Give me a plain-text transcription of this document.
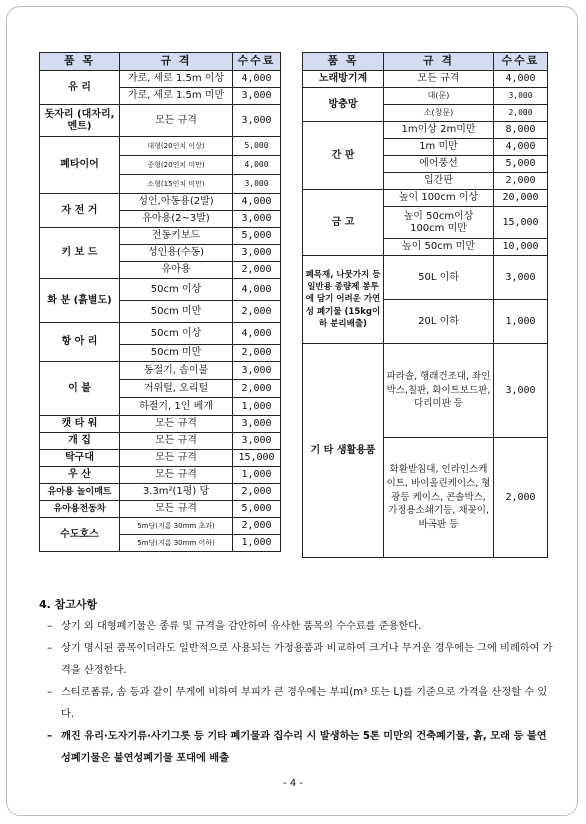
품 목	규 격	수수료
유 리	가로, 세로 1.5m 이상	4,000
	가로, 세로 1.5m 미만	3,000
돗자리 (대자리, 멘트)	모든 규격	3,000
폐타이어	대형(20인치 이상)	5,000
	중형(20인치 미만)	4,000
	소형(15인치 미만)	3,000
자 전 거	성인,아동용(2발)	4,000
	유아용(2~3발)	3,000
키 보 드	전동키보드	5,000
	성인용(수동)	3,000
	유아용	2,000
화 분 (흙별도)	50cm 이상	4,000
	50cm 미만	2,000
항 아 리	50cm 이상	4,000
	50cm 미만	2,000
이 불	동절기, 솜이불	3,000
	거위털, 오리털	2,000
	하절기, 1인 베개	1,000
캣 타 워	모든 규격	3,000
개 집	모든 규격	3,000
탁구대	모든 규격	15,000
우 산	모든 규격	1,000
유아용 놀이매트	3.3m²(1평) 당	2,000
유아용전동차	모든 규격	5,000
수도호스	5m당(지름 30mm 초과)	2,000
	5m당(지름 30mm 이하)	1,000
품 목	규 격	수수료
노래방기계	모든 규격	4,000
방충망	대(문)	3,000
	소(창문)	2,000
간 판	1m이상 2m미만	8,000
	1m 미만	4,000
	에어풍선	5,000
	입간판	2,000
금 고	높이 100cm 이상	20,000
	높이 50cm이상 100cm 미만	15,000
	높이 50cm 미만	10,000
폐목재, 나뭇가지 등 일반용 종량제 봉투에 담기 어려운 가연성 폐기물 (15kg이하 분리배출)	50L 이하	3,000
	20L 이하	1,000
기 타 생활용품	파라솔, 행래건조대, 좌인박스,칠판, 화이트보드판, 다리미판 등	3,000
	화환받침대, 인라인스케이트, 바이올린케이스, 형광등 케이스, 콘솔박스, 가정용소쇄기등, 채꽂이, 바곡판 등	2,000
4. 참고사항
– 상기 외 대형폐기물은 종류 및 규격을 감안하여 유사한 품목의 수수료를 준용한다.
– 상기 명시된 품목이더라도 일반적으로 사용되는 가정용품과 비교하여 크거나 무거운 경우에는 그에 비례하여 가격을 산정한다.
– 스티로폼류, 솜 등과 같이 무게에 비하여 부피가 큰 경우에는 부피(m³ 또는 L)를 기준으로 가격을 산정할 수 있다.
– 깨진 유리·도자기류·사기그릇 등 기타 폐기물과 집수리 시 발생하는 5톤 미만의 건축폐기물, 흙, 모래 등 불연성폐기물은 불연성폐기물 포대에 배출
- 4 -
